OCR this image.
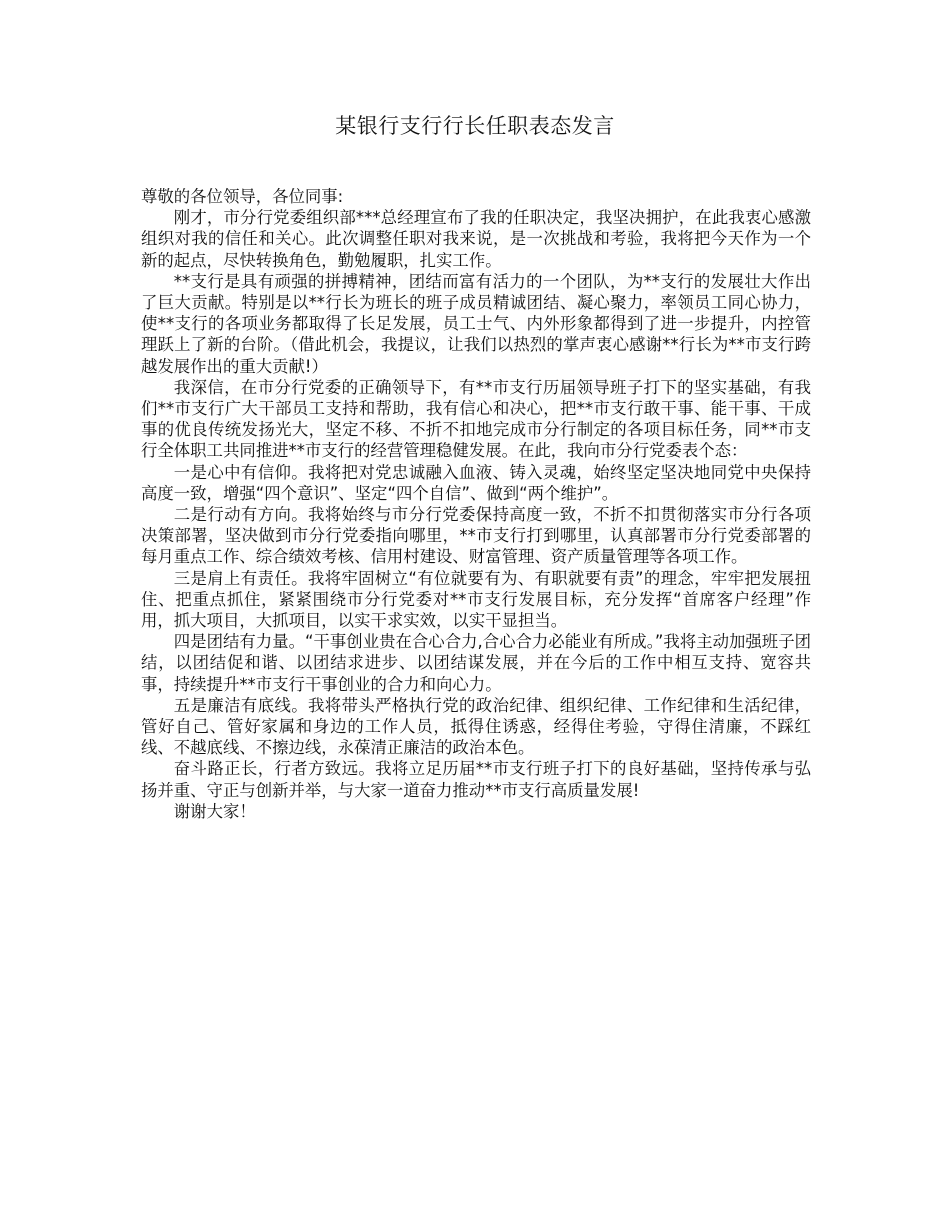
某银行支行行长任职表态发言

尊敬的各位领导，各位同事:

刚才，市分行党委组织部***总经理宣布了我的任职决定，我坚决拥护，在此我衷心感激组织对我的信任和关心。此次调整任职对我来说，是一次挑战和考验，我将把今天作为一个新的起点，尽快转换角色，勤勉履职，扎实工作。

**支行是具有顽强的拼搏精神，团结而富有活力的一个团队，为**支行的发展壮大作出了巨大贡献。特别是以**行长为班长的班子成员精诚团结、凝心聚力，率领员工同心协力，使**支行的各项业务都取得了长足发展，员工士气、内外形象都得到了进一步提升，内控管理跃上了新的台阶。（借此机会，我提议，让我们以热烈的掌声衷心感谢**行长为**市支行跨越发展作出的重大贡献!）

我深信，在市分行党委的正确领导下，有**市支行历届领导班子打下的坚实基础，有我们**市支行广大干部员工支持和帮助，我有信心和决心，把**市支行敢干事、能干事、干成事的优良传统发扬光大，坚定不移、不折不扣地完成市分行制定的各项目标任务，同**市支行全体职工共同推进**市支行的经营管理稳健发展。在此，我向市分行党委表个态：

一是心中有信仰。我将把对党忠诚融入血液、铸入灵魂，始终坚定坚决地同党中央保持高度一致，增强“四个意识”、坚定“四个自信”、做到“两个维护”。

二是行动有方向。我将始终与市分行党委保持高度一致，不折不扣贯彻落实市分行各项决策部署，坚决做到市分行党委指向哪里，**市支行打到哪里，认真部署市分行党委部署的每月重点工作、综合绩效考核、信用村建设、财富管理、资产质量管理等各项工作。

三是肩上有责任。我将牢固树立“有位就要有为、有职就要有责”的理念，牢牢把发展扭住、把重点抓住，紧紧围绕市分行党委对**市支行发展目标，充分发挥“首席客户经理”作用，抓大项目，大抓项目，以实干求实效，以实干显担当。

四是团结有力量。“干事创业贵在合心合力,合心合力必能业有所成。”我将主动加强班子团结，以团结促和谐、以团结求进步、以团结谋发展，并在今后的工作中相互支持、宽容共事，持续提升**市支行干事创业的合力和向心力。

五是廉洁有底线。我将带头严格执行党的政治纪律、组织纪律、工作纪律和生活纪律，管好自己、管好家属和身边的工作人员，抵得住诱惑，经得住考验，守得住清廉，不踩红线、不越底线、不擦边线，永葆清正廉洁的政治本色。

奋斗路正长，行者方致远。我将立足历届**市支行班子打下的良好基础，坚持传承与弘扬并重、守正与创新并举，与大家一道奋力推动**市支行高质量发展!

谢谢大家！
